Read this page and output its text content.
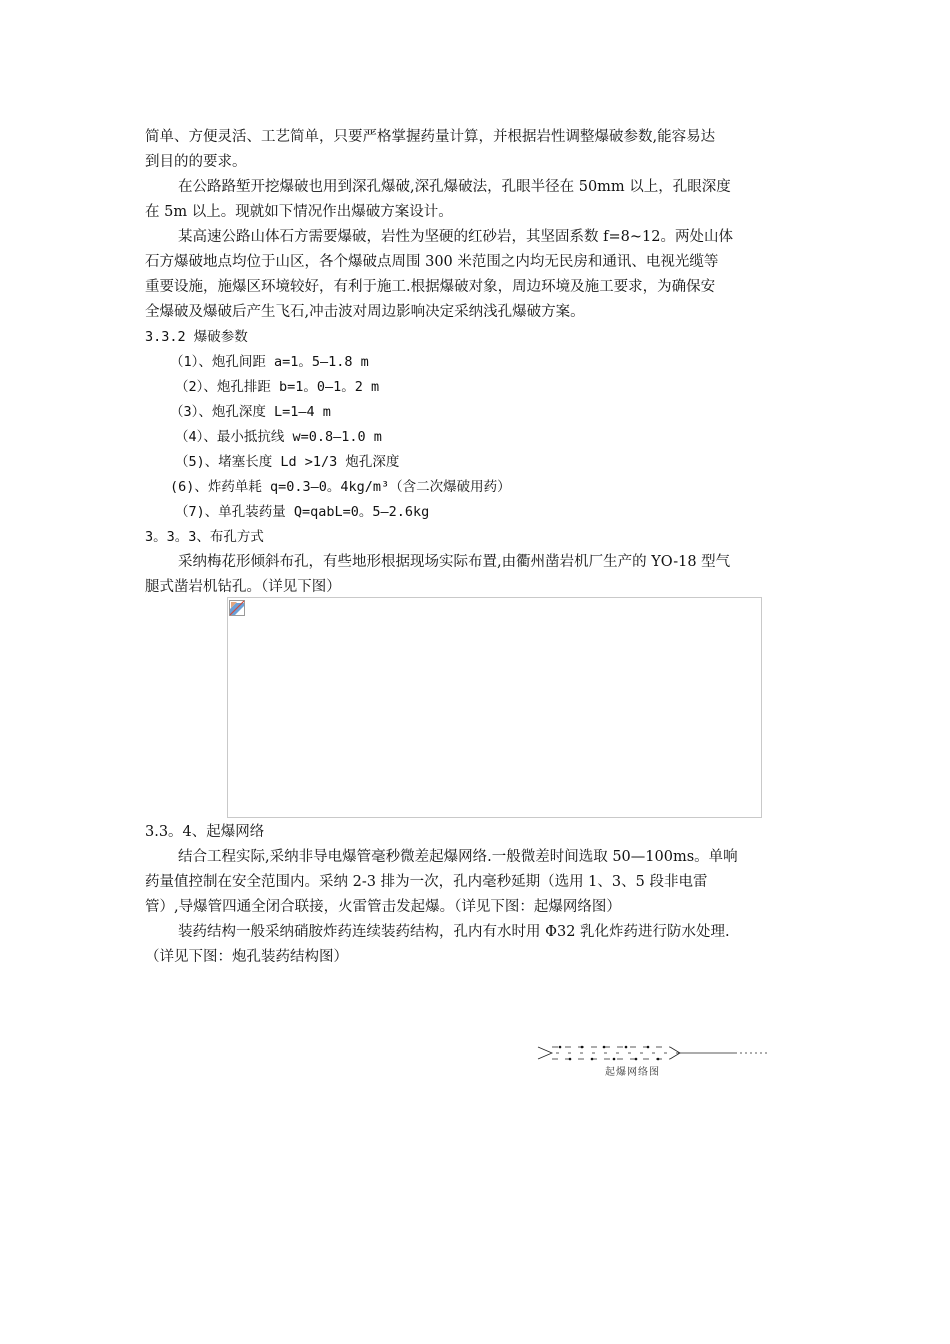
简单、方便灵活、工艺简单，只要严格掌握药量计算，并根据岩性调整爆破参数,能容易达

到目的的要求。

在公路路堑开挖爆破也用到深孔爆破,深孔爆破法，孔眼半径在 50mm 以上，孔眼深度

在 5m 以上。现就如下情况作出爆破方案设计。

某高速公路山体石方需要爆破，岩性为坚硬的红砂岩，其坚固系数 f=8~12。两处山体

石方爆破地点均位于山区，各个爆破点周围 300 米范围之内均无民房和通讯、电视光缆等

重要设施，施爆区环境较好，有利于施工.根据爆破对象，周边环境及施工要求，为确保安

全爆破及爆破后产生飞石,冲击波对周边影响决定采纳浅孔爆破方案。

3.3.2 爆破参数

（1）、炮孔间距 a=1。5—1.8 m

（2）、炮孔排距 b=1。0—1。2 m

（3）、炮孔深度 L=1—4 m

（4）、最小抵抗线 w=0.8—1.0 m

（5)、堵塞长度 Ld >1/3 炮孔深度

(6)、炸药单耗 q=0.3—0。4kg/m³（含二次爆破用药）

（7)、单孔装药量 Q=qabL=0。5—2.6kg

3。3。3、布孔方式

采纳梅花形倾斜布孔，有些地形根据现场实际布置,由衢州凿岩机厂生产的 YO-18 型气

腿式凿岩机钻孔。（详见下图）

3.3。4、起爆网络

结合工程实际,采纳非导电爆管毫秒微差起爆网络.一般微差时间选取 50—100ms。单响

药量值控制在安全范围内。采纳 2-3 排为一次，孔内毫秒延期（选用 1、3、5 段非电雷

管）,导爆管四通全闭合联接，火雷管击发起爆。（详见下图：起爆网络图）

装药结构一般采纳硝胺炸药连续装药结构，孔内有水时用 Φ32 乳化炸药进行防水处理.

（详见下图：炮孔装药结构图）

起爆网络图
